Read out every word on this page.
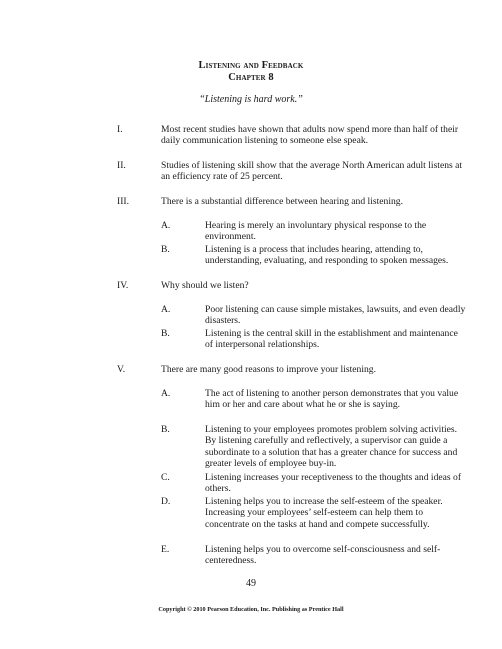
Listening and Feedback
Chapter 8
“Listening is hard work.”
I.	Most recent studies have shown that adults now spend more than half of their daily communication listening to someone else speak.
II.	Studies of listening skill show that the average North American adult listens at an efficiency rate of 25 percent.
III.	There is a substantial difference between hearing and listening.
A.	Hearing is merely an involuntary physical response to the environment.
B.	Listening is a process that includes hearing, attending to, understanding, evaluating, and responding to spoken messages.
IV.	Why should we listen?
A.	Poor listening can cause simple mistakes, lawsuits, and even deadly disasters.
B.	Listening is the central skill in the establishment and maintenance of interpersonal relationships.
V.	There are many good reasons to improve your listening.
A.	The act of listening to another person demonstrates that you value him or her and care about what he or she is saying.
B.	Listening to your employees promotes problem solving activities. By listening carefully and reflectively, a supervisor can guide a subordinate to a solution that has a greater chance for success and greater levels of employee buy-in.
C.	Listening increases your receptiveness to the thoughts and ideas of others.
D.	Listening helps you to increase the self-esteem of the speaker. Increasing your employees’ self-esteem can help them to concentrate on the tasks at hand and compete successfully.
E.	Listening helps you to overcome self-consciousness and self-centeredness.
49
Copyright © 2010 Pearson Education, Inc. Publishing as Prentice Hall
